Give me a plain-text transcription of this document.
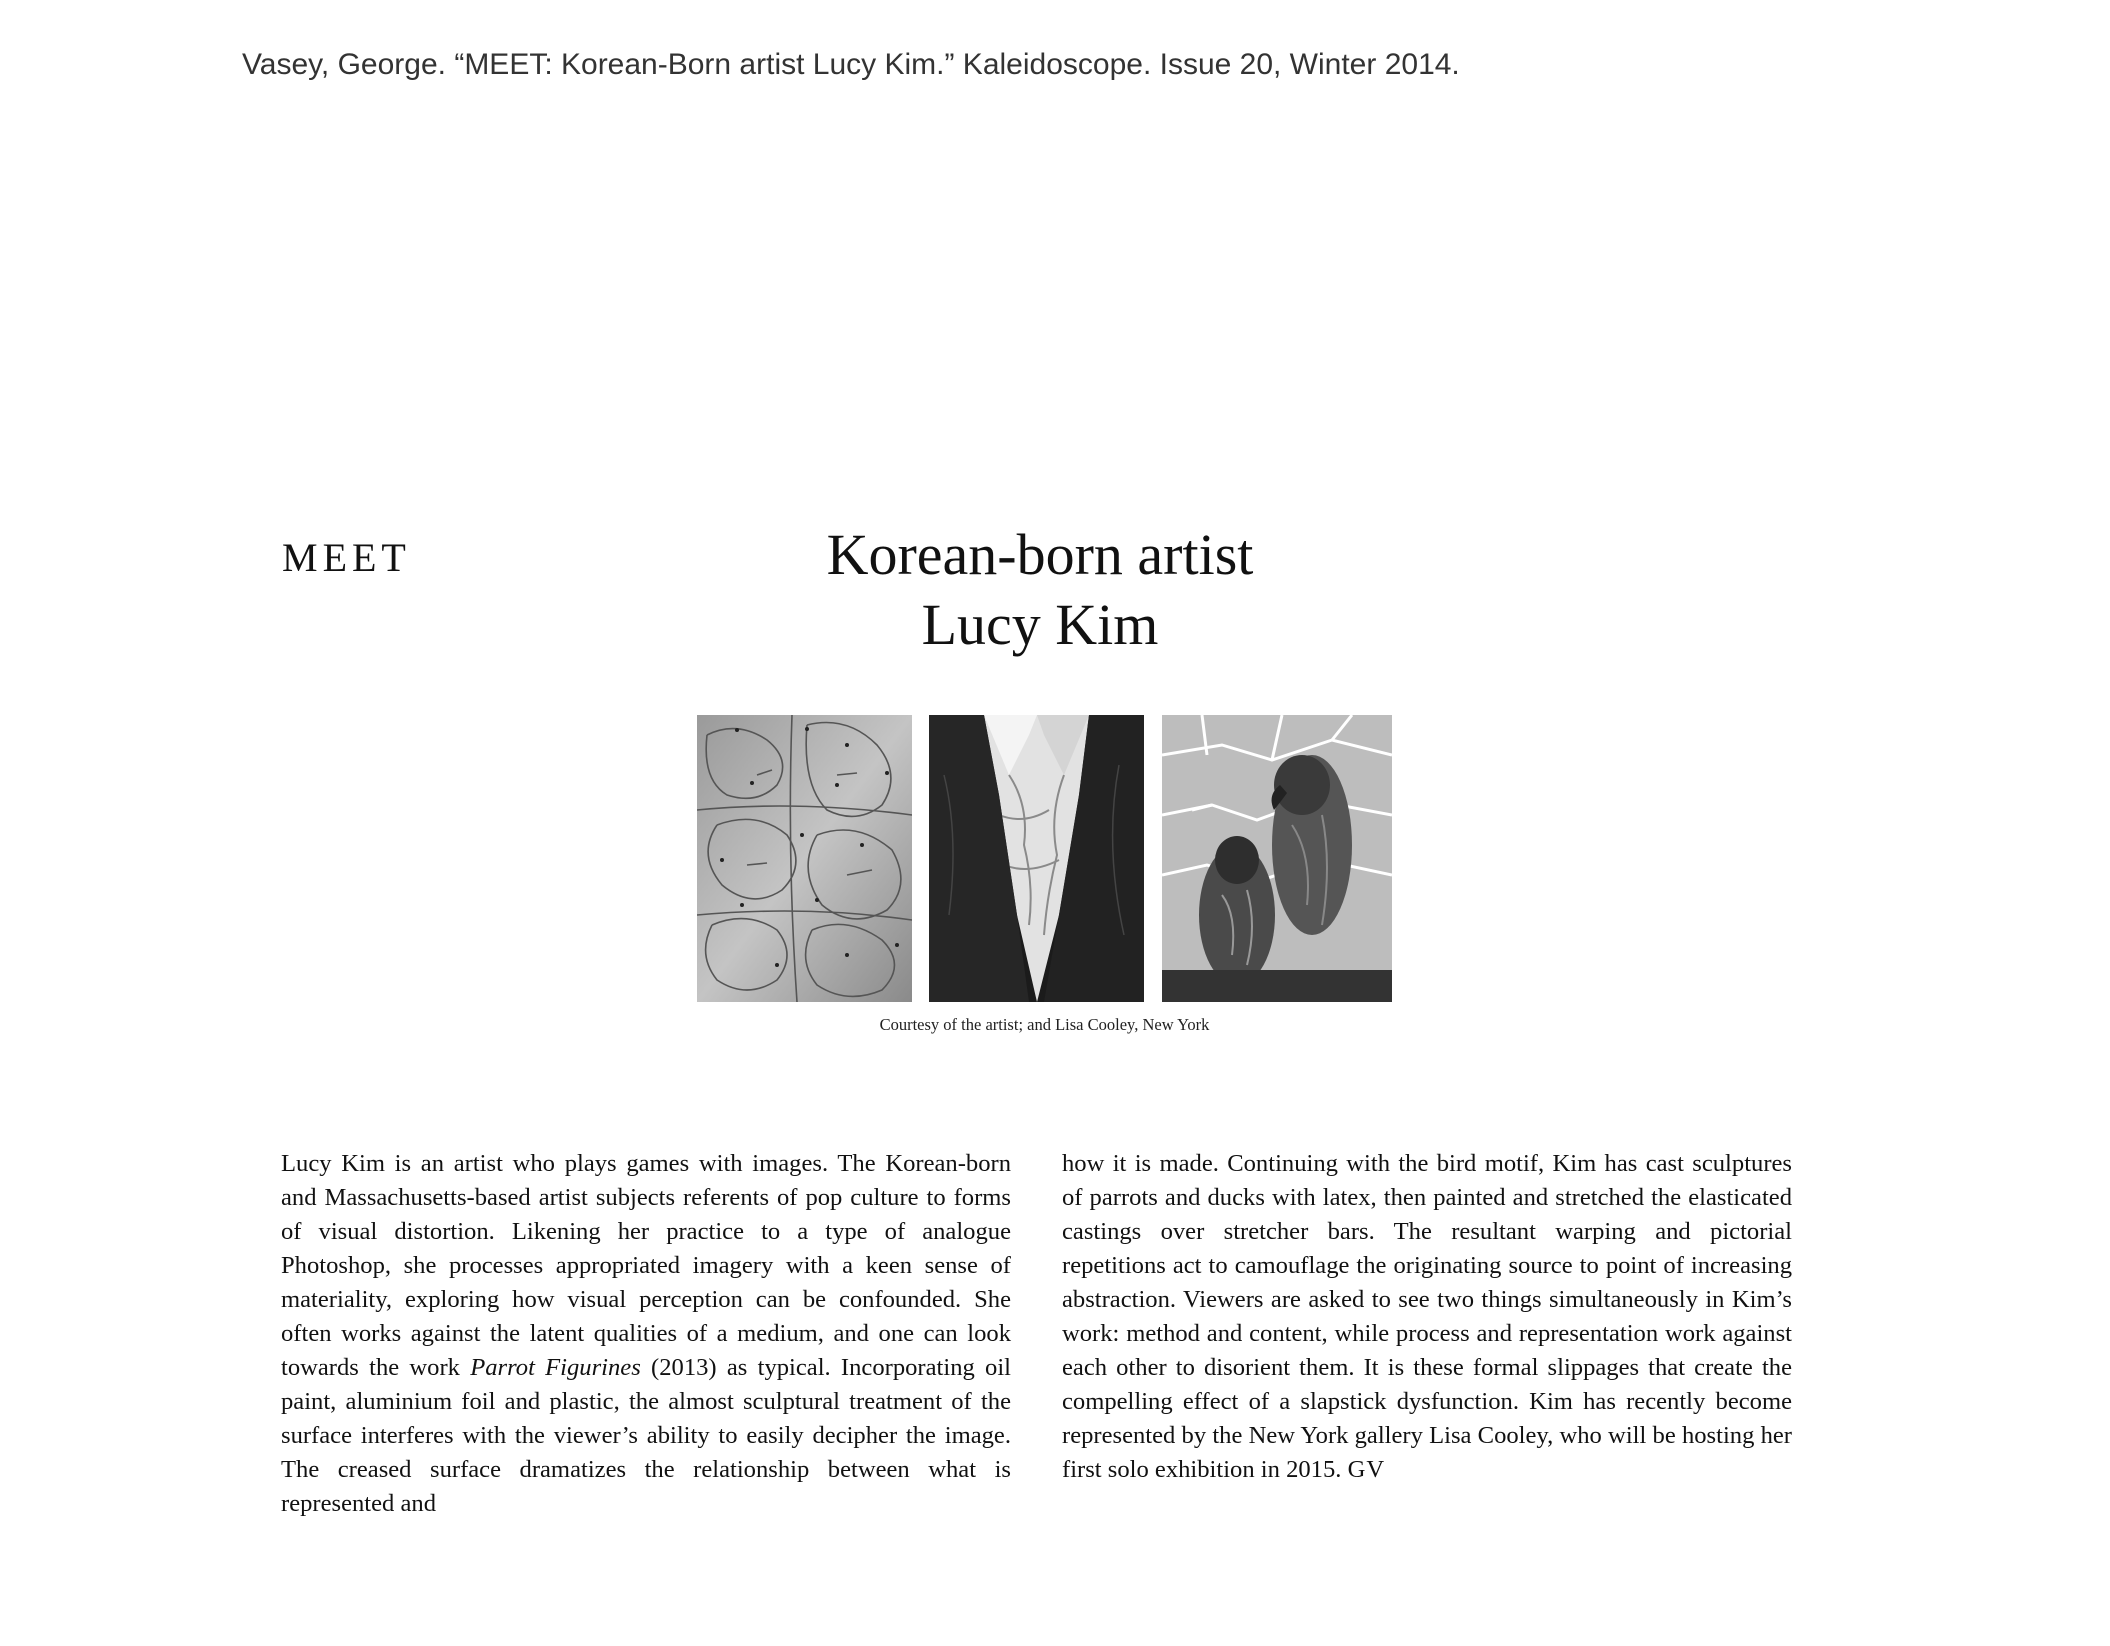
Vasey, George. “MEET: Korean-Born artist Lucy Kim.” Kaleidoscope. Issue 20, Winter 2014.
MEET	Korean-born artist
Lucy Kim
Courtesy of the artist; and Lisa Cooley, New York

Lucy Kim is an artist who plays games with images. The Korean-born and Massachusetts-based artist subjects referents of pop culture to forms of visual distortion. Likening her practice to a type of analogue Photoshop, she processes appropriated imagery with a keen sense of materiality, exploring how visual perception can be confounded. She often works against the latent qualities of a medium, and one can look towards the work Parrot Figurines (2013) as typical. Incorporating oil paint, aluminium foil and plastic, the almost sculptural treatment of the surface interferes with the viewer’s ability to easily decipher the image. The creased surface dramatizes the relationship between what is represented and

how it is made. Continuing with the bird motif, Kim has cast sculptures of parrots and ducks with latex, then painted and stretched the elasticated castings over stretcher bars. The resultant warping and pictorial repetitions act to camouflage the originating source to point of increasing abstraction. Viewers are asked to see two things simultaneously in Kim’s work: method and content, while process and representation work against each other to disorient them. It is these formal slippages that create the compelling effect of a slapstick dysfunction. Kim has recently become represented by the New York gallery Lisa Cooley, who will be hosting her first solo exhibition in 2015. GV
